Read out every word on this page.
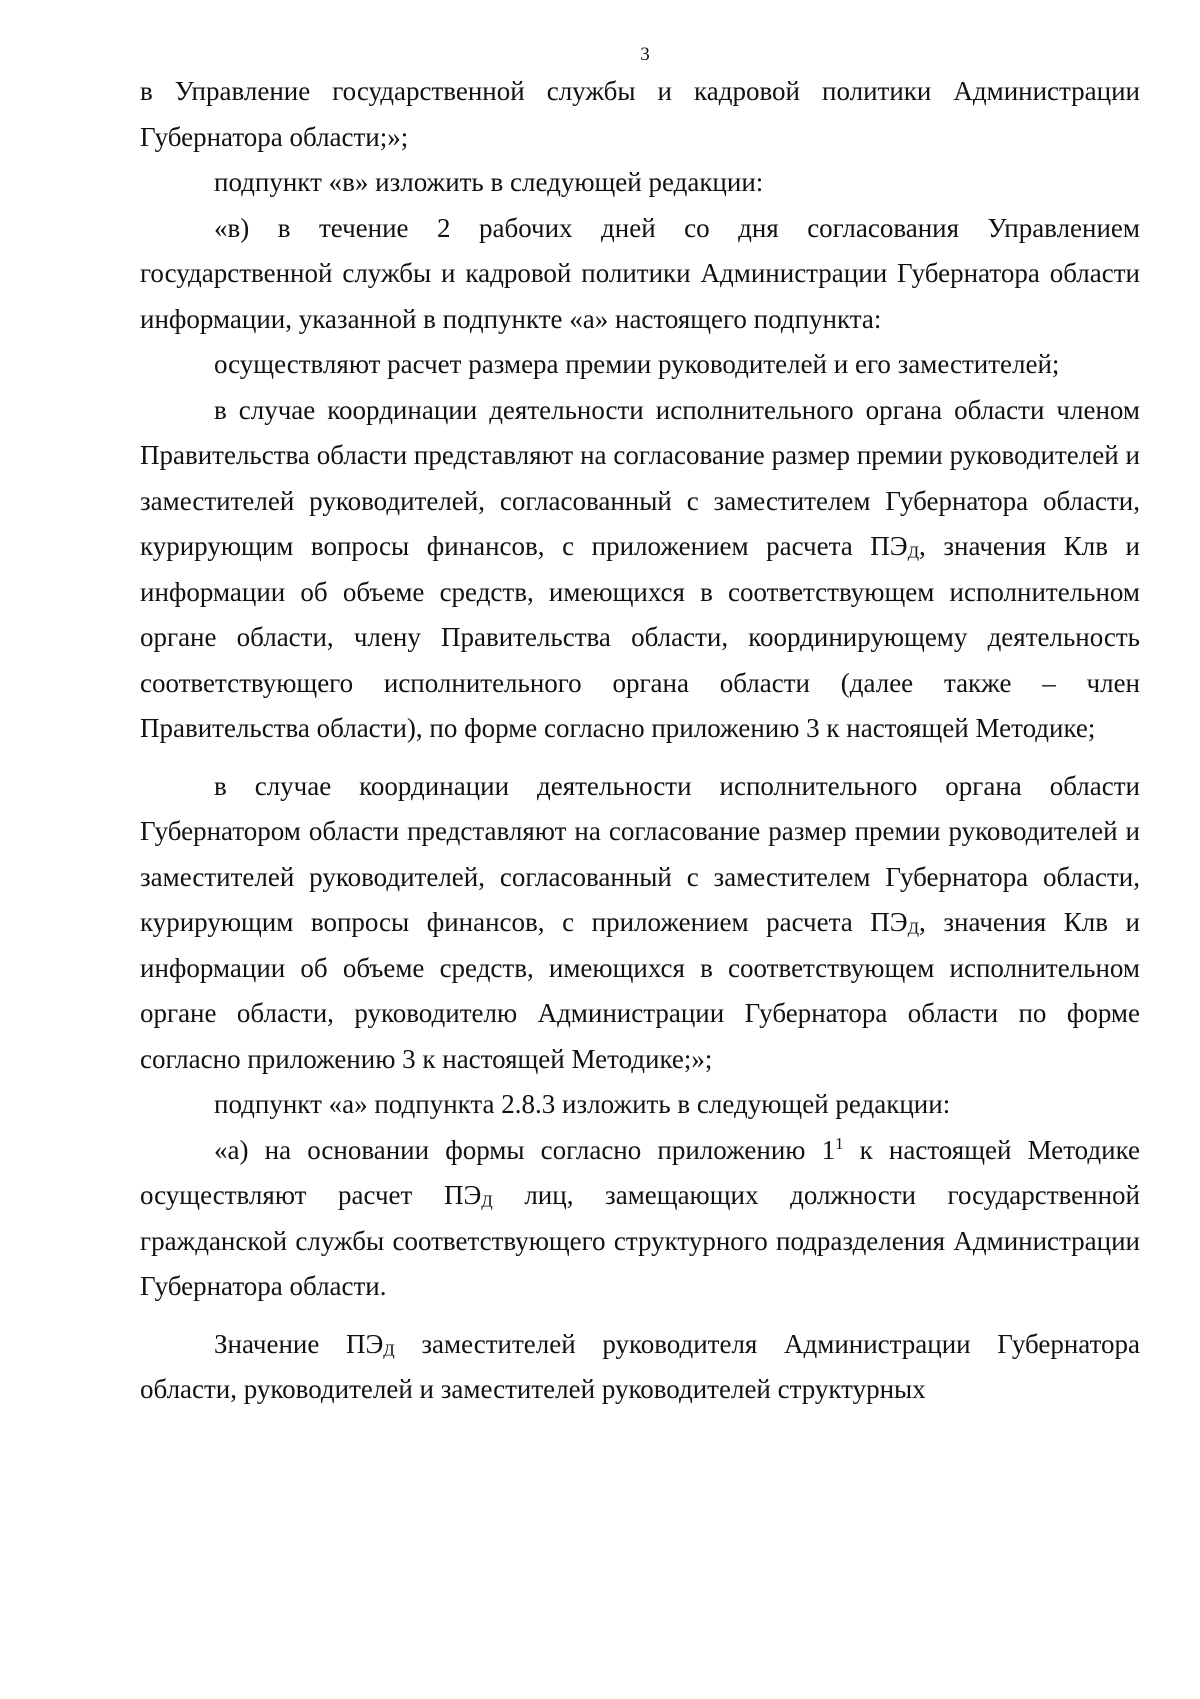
3

в Управление государственной службы и кадровой политики Администрации Губернатора области;»;

подпункт «в» изложить в следующей редакции:

«в) в течение 2 рабочих дней со дня согласования Управлением государственной службы и кадровой политики Администрации Губернатора области информации, указанной в подпункте «а» настоящего подпункта:

осуществляют расчет размера премии руководителей и его заместителей;

в случае координации деятельности исполнительного органа области членом Правительства области представляют на согласование размер премии руководителей и заместителей руководителей, согласованный с заместителем Губернатора области, курирующим вопросы финансов, с приложением расчета ПЭД, значения Клв и информации об объеме средств, имеющихся в соответствующем исполнительном органе области, члену Правительства области, координирующему деятельность соответствующего исполнительного органа области (далее также – член Правительства области), по форме согласно приложению 3 к настоящей Методике;

в случае координации деятельности исполнительного органа области Губернатором области представляют на согласование размер премии руководителей и заместителей руководителей, согласованный с заместителем Губернатора области, курирующим вопросы финансов, с приложением расчета ПЭД, значения Клв и информации об объеме средств, имеющихся в соответствующем исполнительном органе области, руководителю Администрации Губернатора области по форме согласно приложению 3 к настоящей Методике;»;

подпункт «а» подпункта 2.8.3 изложить в следующей редакции:

«а) на основании формы согласно приложению $1^1$ к настоящей Методике осуществляют расчет ПЭД лиц, замещающих должности государственной гражданской службы соответствующего структурного подразделения Администрации Губернатора области.

Значение ПЭД заместителей руководителя Администрации Губернатора области, руководителей и заместителей руководителей структурных
